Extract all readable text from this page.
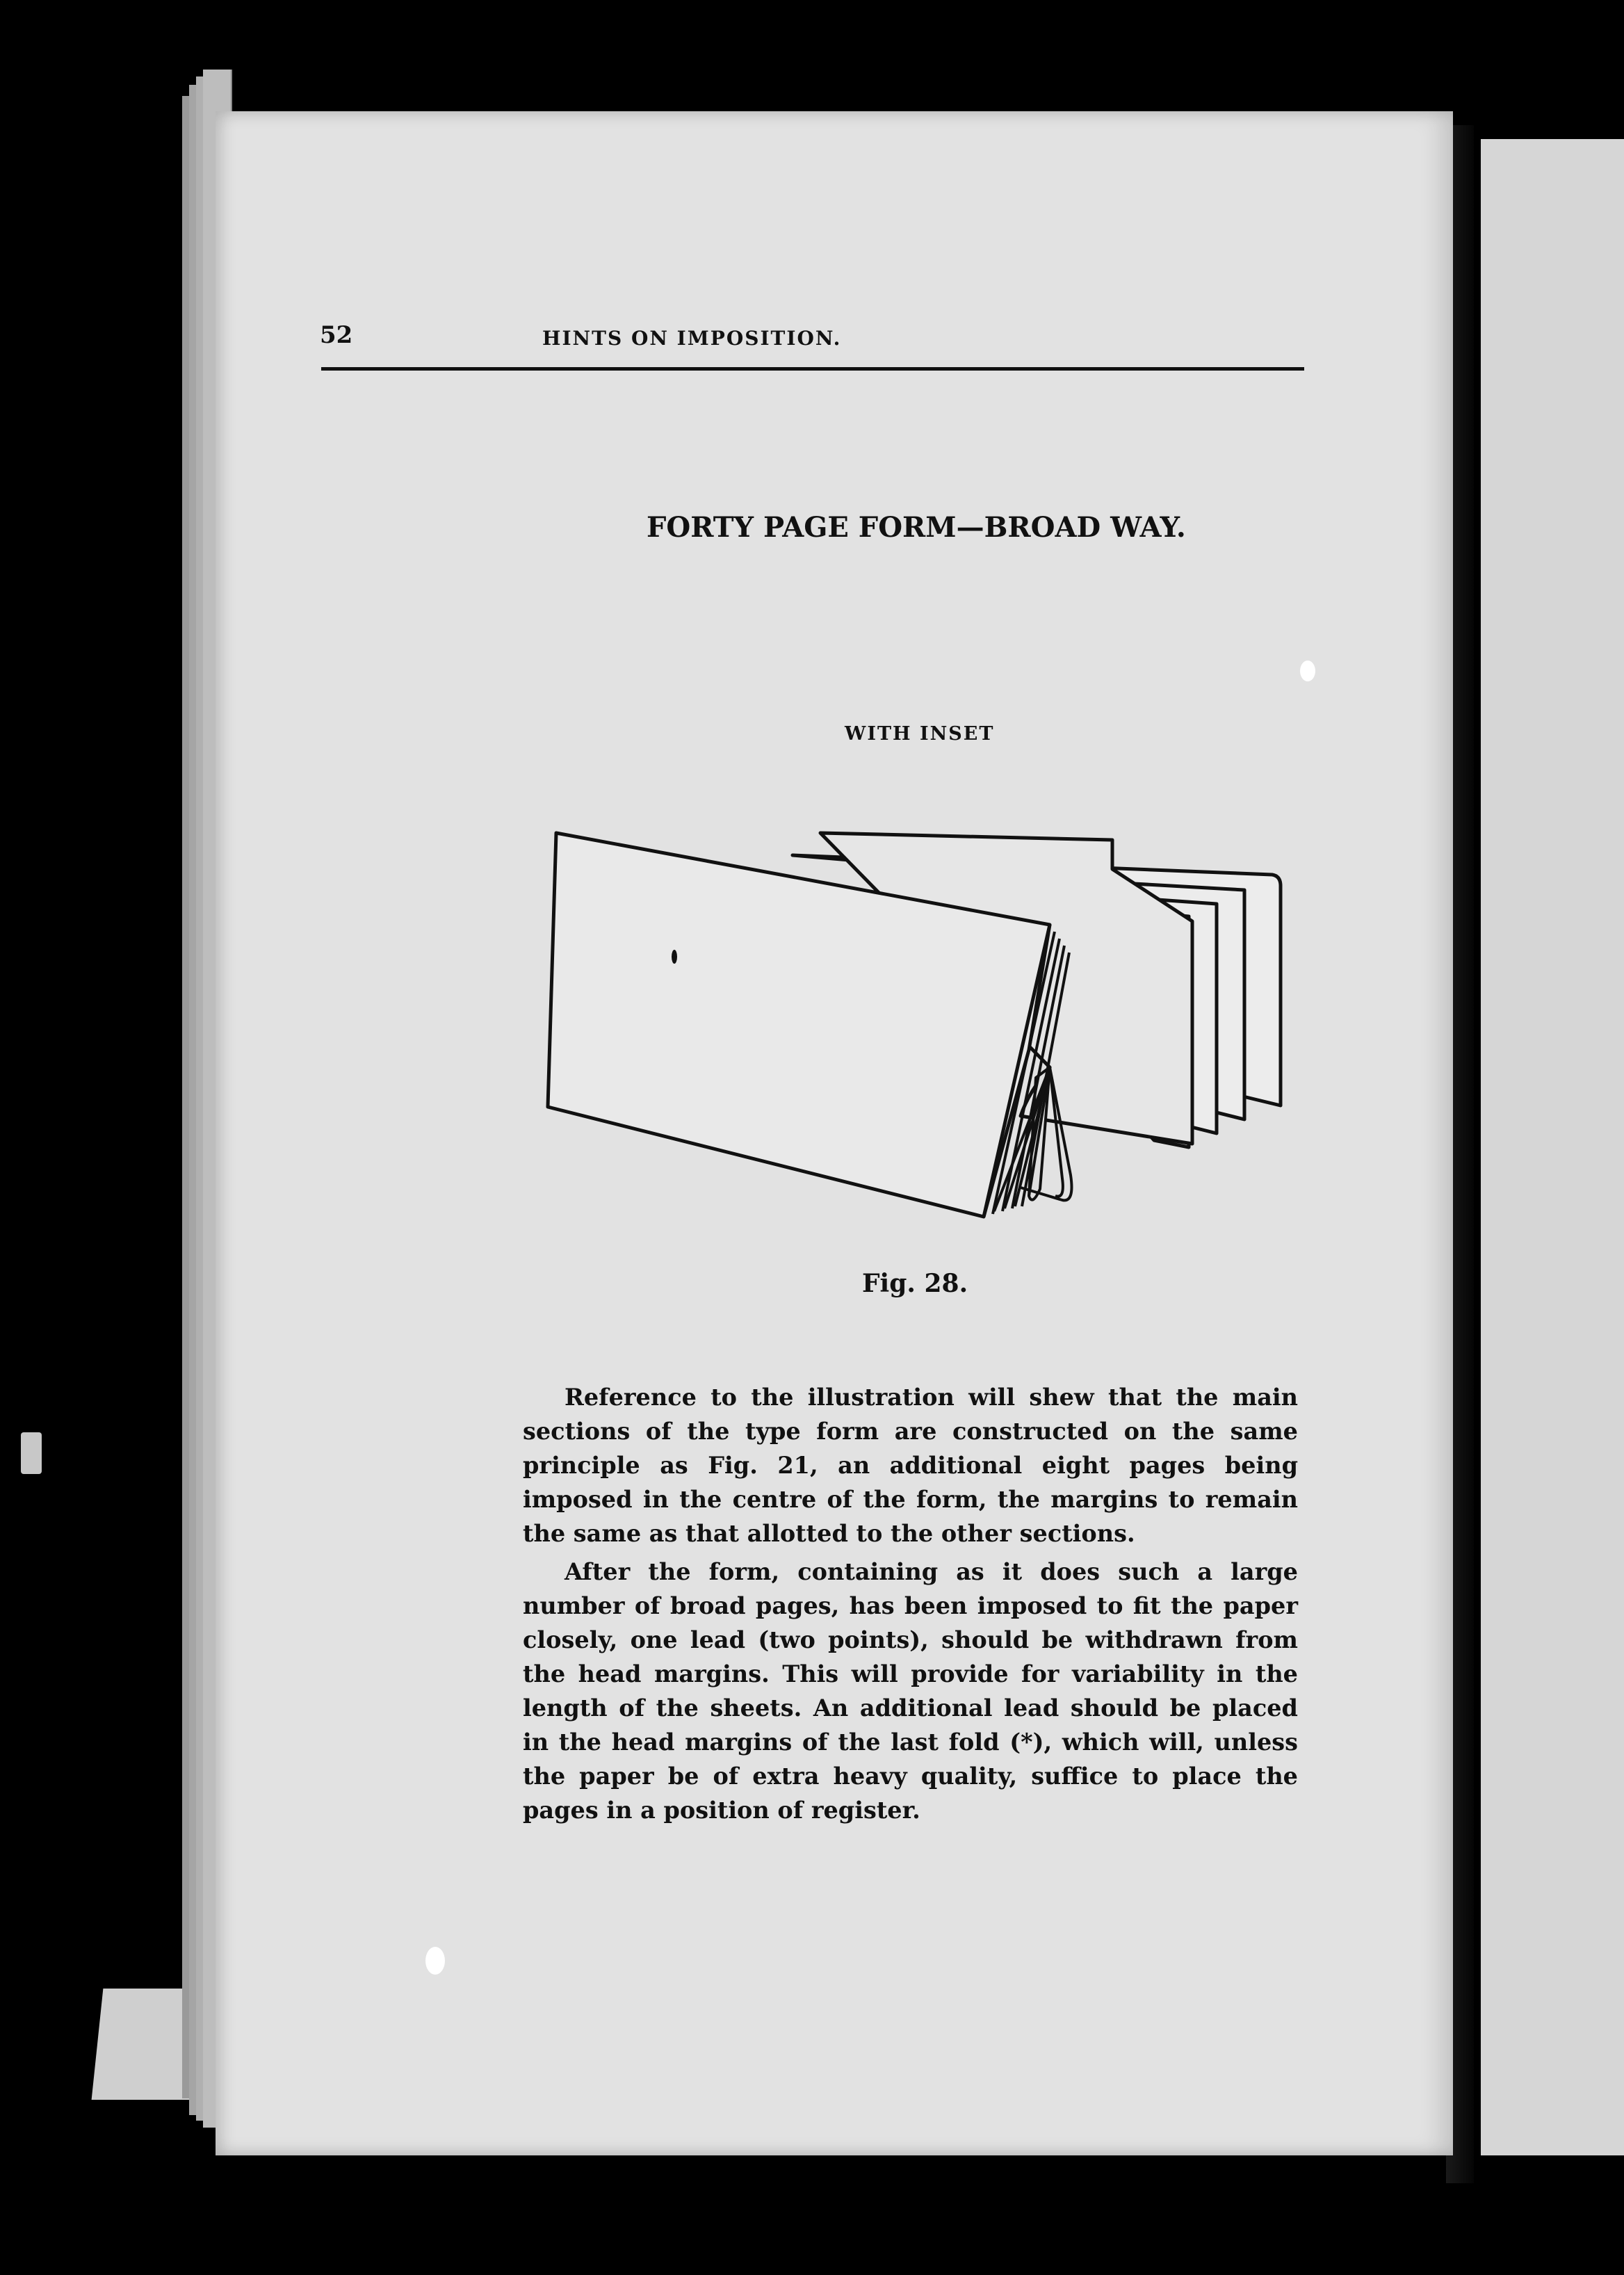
52	HINTS ON IMPOSITION.
FORTY PAGE FORM—BROAD WAY.
WITH INSET
Fig. 28.

Reference to the illustration will shew that the main sections of the type form are constructed on the same principle as Fig. 21, an additional eight pages being imposed in the centre of the form, the margins to remain the same as that allotted to the other sections.

After the form, containing as it does such a large number of broad pages, has been imposed to fit the paper closely, one lead (two points), should be withdrawn from the head margins. This will provide for variability in the length of the sheets. An additional lead should be placed in the head margins of the last fold (*), which will, unless the paper be of extra heavy quality, suffice to place the pages in a position of register.
